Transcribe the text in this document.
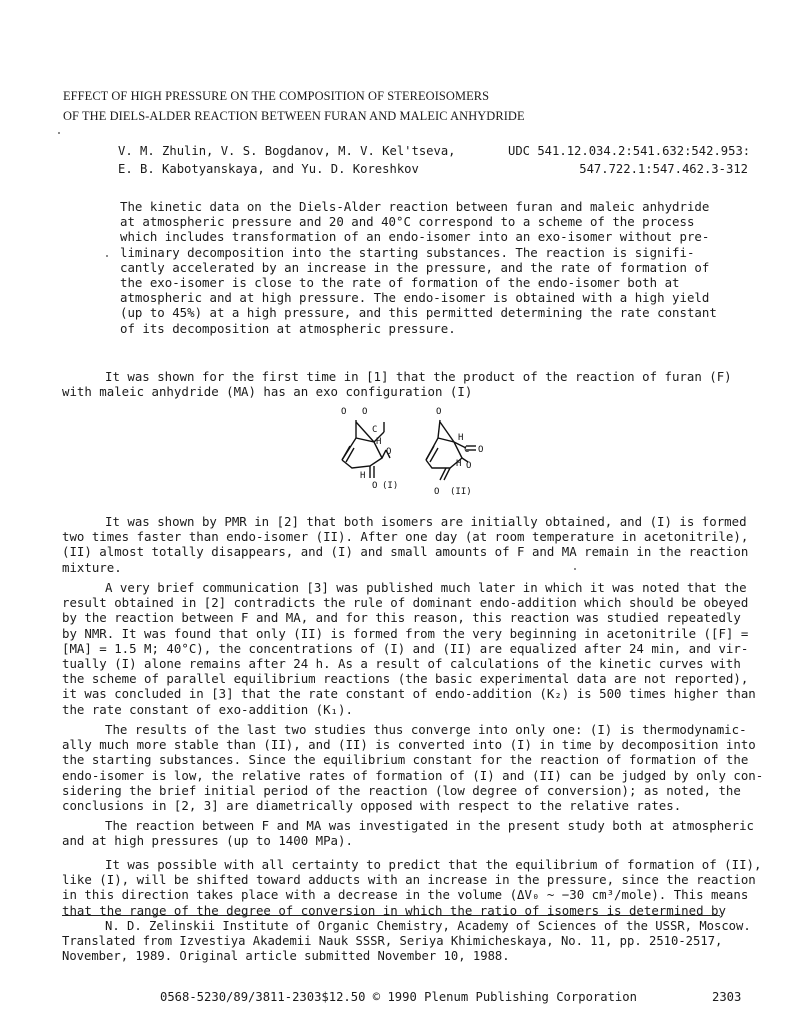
EFFECT OF HIGH PRESSURE ON THE COMPOSITION OF STEREOISOMERS
OF THE DIELS-ALDER REACTION BETWEEN FURAN AND MALEIC ANHYDRIDE
V. M. Zhulin, V. S. Bogdanov, M. V. Kel'tseva,
E. B. Kabotyanskaya, and Yu. D. Koreshkov
UDC 541.12.034.2:541.632:542.953:
547.722.1:547.462.3-312
The kinetic data on the Diels-Alder reaction between furan and maleic anhydride
at atmospheric pressure and 20 and 40°C correspond to a scheme of the process
which includes transformation of an endo-isomer into an exo-isomer without pre-
liminary decomposition into the starting substances. The reaction is signifi-
cantly accelerated by an increase in the pressure, and the rate of formation of
the exo-isomer is close to the rate of formation of the endo-isomer both at
atmospheric and at high pressure. The endo-isomer is obtained with a high yield
(up to 45%) at a high pressure, and this permitted determining the rate constant
of its decomposition at atmospheric pressure.
It was shown for the first time in [1] that the product of the reaction of furan (F)
with maleic anhydride (MA) has an exo configuration (I)
O O
C
H
O
H
O (I)
O
H
C O
H O
O (II)
It was shown by PMR in [2] that both isomers are initially obtained, and (I) is formed
two times faster than endo-isomer (II). After one day (at room temperature in acetonitrile),
(II) almost totally disappears, and (I) and small amounts of F and MA remain in the reaction
mixture.
A very brief communication [3] was published much later in which it was noted that the
result obtained in [2] contradicts the rule of dominant endo-addition which should be obeyed
by the reaction between F and MA, and for this reason, this reaction was studied repeatedly
by NMR. It was found that only (II) is formed from the very beginning in acetonitrile ([F] =
[MA] = 1.5 M; 40°C), the concentrations of (I) and (II) are equalized after 24 min, and vir-
tually (I) alone remains after 24 h. As a result of calculations of the kinetic curves with
the scheme of parallel equilibrium reactions (the basic experimental data are not reported),
it was concluded in [3] that the rate constant of endo-addition (K₂) is 500 times higher than
the rate constant of exo-addition (K₁).
The results of the last two studies thus converge into only one: (I) is thermodynamic-
ally much more stable than (II), and (II) is converted into (I) in time by decomposition into
the starting substances. Since the equilibrium constant for the reaction of formation of the
endo-isomer is low, the relative rates of formation of (I) and (II) can be judged by only con-
sidering the brief initial period of the reaction (low degree of conversion); as noted, the
conclusions in [2, 3] are diametrically opposed with respect to the relative rates.
The reaction between F and MA was investigated in the present study both at atmospheric
and at high pressures (up to 1400 MPa).
It was possible with all certainty to predict that the equilibrium of formation of (II),
like (I), will be shifted toward adducts with an increase in the pressure, since the reaction
in this direction takes place with a decrease in the volume (ΔV₀ ~ −30 cm³/mole). This means
that the range of the degree of conversion in which the ratio of isomers is determined by
N. D. Zelinskii Institute of Organic Chemistry, Academy of Sciences of the USSR, Moscow.
Translated from Izvestiya Akademii Nauk SSSR, Seriya Khimicheskaya, No. 11, pp. 2510-2517,
November, 1989. Original article submitted November 10, 1988.
0568-5230/89/3811-2303$12.50 © 1990 Plenum Publishing Corporation	2303
